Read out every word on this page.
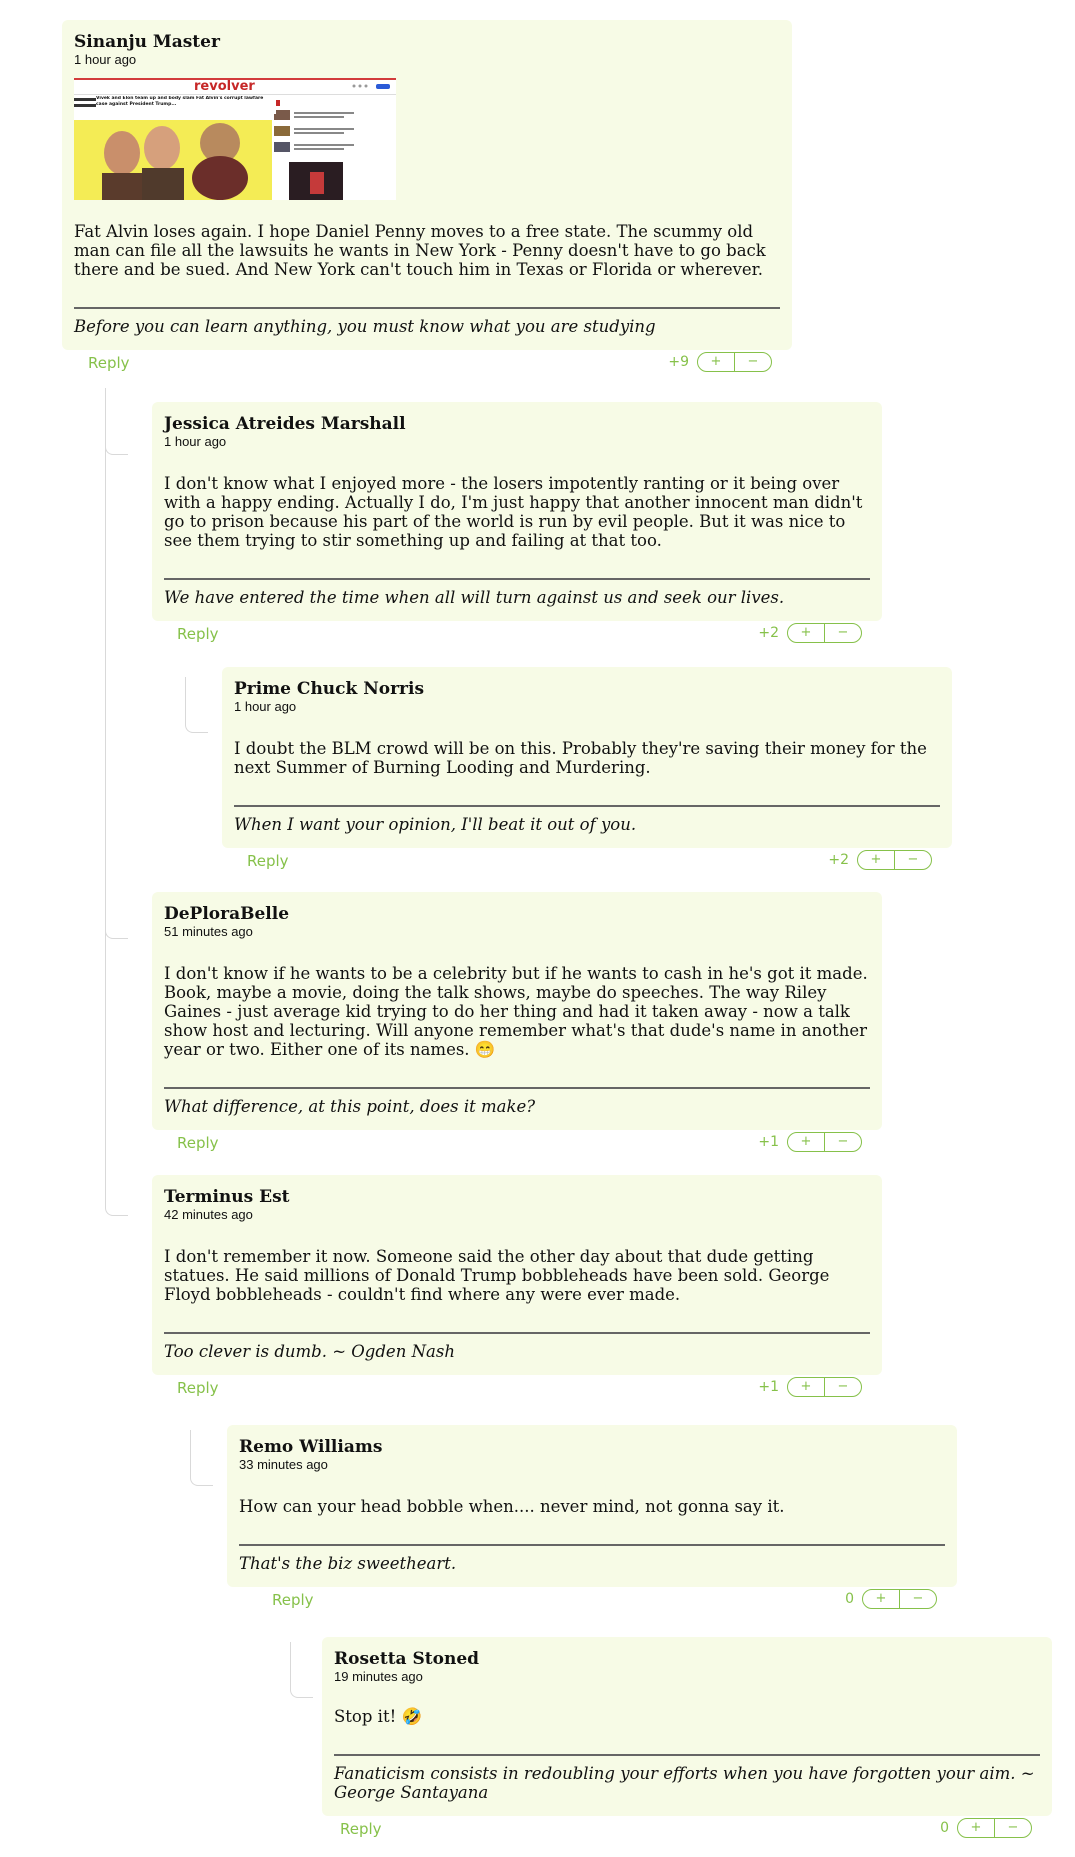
Sinanju Master
1 hour ago
revolver
Vivek and Elon team up and body slam Fat Alvin's corrupt lawfare case against President Trump...
Fat Alvin loses again. I hope Daniel Penny moves to a free state. The scummy old man can file all the lawsuits he wants in New York - Penny doesn't have to go back there and be sued. And New York can't touch him in Texas or Florida or wherever.
Before you can learn anything, you must know what you are studying
Reply	+9	+	−
Jessica Atreides Marshall
1 hour ago
I don't know what I enjoyed more - the losers impotently ranting or it being over with a happy ending. Actually I do, I'm just happy that another innocent man didn't go to prison because his part of the world is run by evil people. But it was nice to see them trying to stir something up and failing at that too.
We have entered the time when all will turn against us and seek our lives.
Reply	+2	+	−
Prime Chuck Norris
1 hour ago
I doubt the BLM crowd will be on this. Probably they're saving their money for the next Summer of Burning Looding and Murdering.
When I want your opinion, I'll beat it out of you.
Reply	+2	+	−
DePloraBelle
51 minutes ago
I don't know if he wants to be a celebrity but if he wants to cash in he's got it made. Book, maybe a movie, doing the talk shows, maybe do speeches. The way Riley Gaines - just average kid trying to do her thing and had it taken away - now a talk show host and lecturing. Will anyone remember what's that dude's name in another year or two. Either one of its names. 😁
What difference, at this point, does it make?
Reply	+1	+	−
Terminus Est
42 minutes ago
I don't remember it now. Someone said the other day about that dude getting statues. He said millions of Donald Trump bobbleheads have been sold. George Floyd bobbleheads - couldn't find where any were ever made.
Too clever is dumb. ~ Ogden Nash
Reply	+1	+	−
Remo Williams
33 minutes ago
How can your head bobble when.... never mind, not gonna say it.
That's the biz sweetheart.
Reply	0	+	−
Rosetta Stoned
19 minutes ago
Stop it! 🤣
Fanaticism consists in redoubling your efforts when you have forgotten your aim. ~ George Santayana
Reply	0	+	−
